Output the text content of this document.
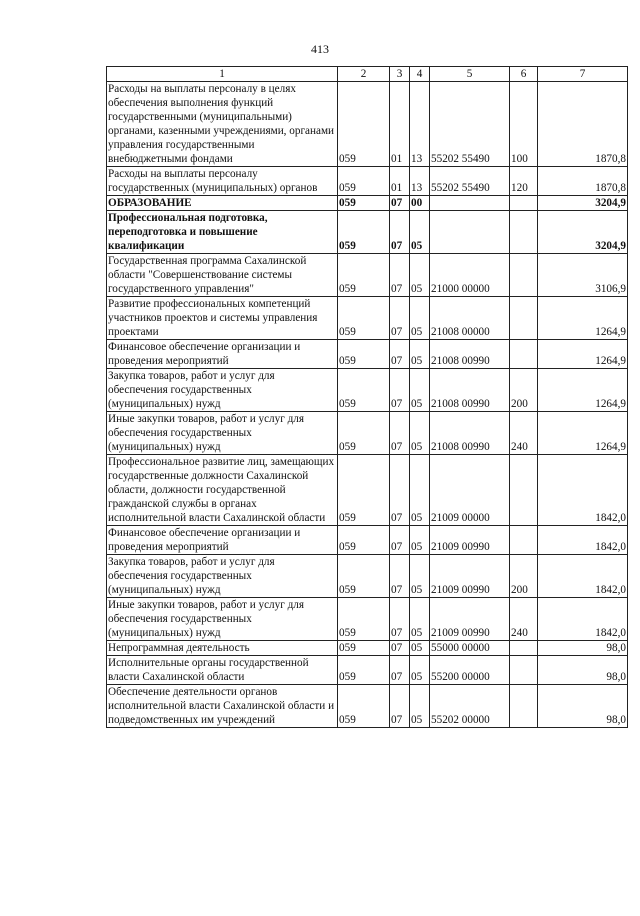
413
1	2	3	4	5	6	7
Расходы на выплаты персоналу в целях обеспечения выполнения функций государственными (муниципальными) органами, казенными учреждениями, органами управления государственными внебюджетными фондами	059	01	13	55202 55490	100	1870,8
Расходы на выплаты персоналу государственных (муниципальных) органов	059	01	13	55202 55490	120	1870,8
ОБРАЗОВАНИЕ	059	07	00			3204,9
Профессиональная подготовка, переподготовка и повышение квалификации	059	07	05			3204,9
Государственная программа Сахалинской области "Совершенствование системы государственного управления"	059	07	05	21000 00000		3106,9
Развитие профессиональных компетенций участников проектов и системы управления проектами	059	07	05	21008 00000		1264,9
Финансовое обеспечение организации и проведения мероприятий	059	07	05	21008 00990		1264,9
Закупка товаров, работ и услуг для обеспечения государственных (муниципальных) нужд	059	07	05	21008 00990	200	1264,9
Иные закупки товаров, работ и услуг для обеспечения государственных (муниципальных) нужд	059	07	05	21008 00990	240	1264,9
Профессиональное развитие лиц, замещающих государственные должности Сахалинской области, должности государственной гражданской службы в органах исполнительной власти Сахалинской области	059	07	05	21009 00000		1842,0
Финансовое обеспечение организации и проведения мероприятий	059	07	05	21009 00990		1842,0
Закупка товаров, работ и услуг для обеспечения государственных (муниципальных) нужд	059	07	05	21009 00990	200	1842,0
Иные закупки товаров, работ и услуг для обеспечения государственных (муниципальных) нужд	059	07	05	21009 00990	240	1842,0
Непрограммная деятельность	059	07	05	55000 00000		98,0
Исполнительные органы государственной власти Сахалинской области	059	07	05	55200 00000		98,0
Обеспечение деятельности органов исполнительной власти Сахалинской области и подведомственных им учреждений	059	07	05	55202 00000		98,0
